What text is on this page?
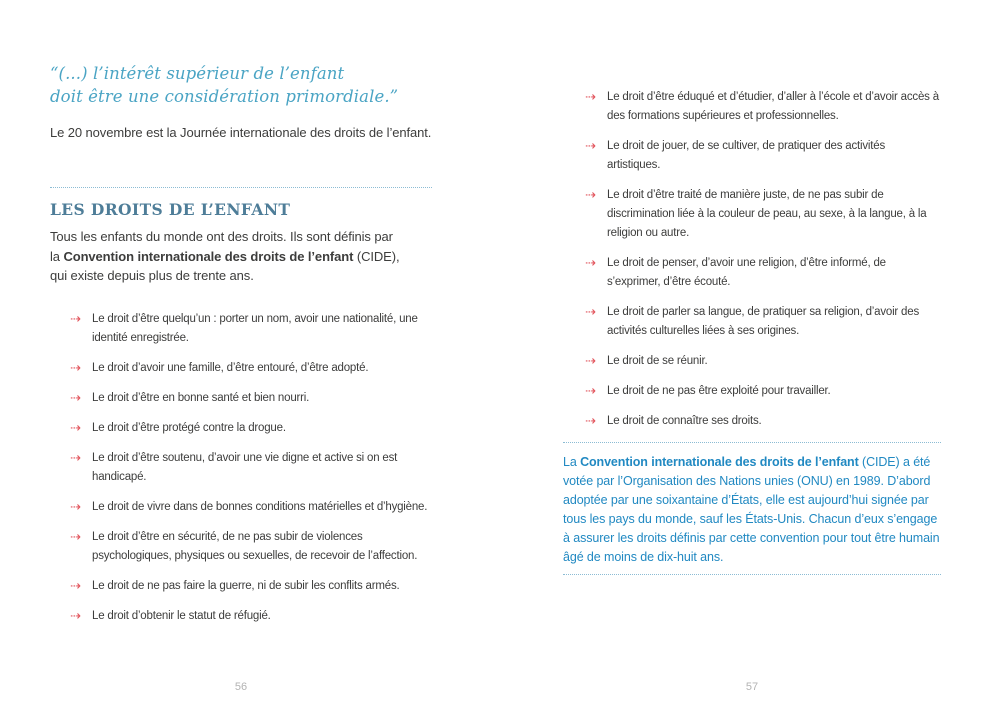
“(...) l’intérêt supérieur de l’enfant
doit être une considération primordiale.”

Le 20 novembre est la Journée internationale des droits de l’enfant.

LES DROITS DE L’ENFANT

Tous les enfants du monde ont des droits. Ils sont définis par
la Convention internationale des droits de l’enfant (CIDE),
qui existe depuis plus de trente ans.

⇢ Le droit d’être quelqu’un : porter un nom, avoir une nationalité, une identité enregistrée.
⇢ Le droit d’avoir une famille, d’être entouré, d’être adopté.
⇢ Le droit d’être en bonne santé et bien nourri.
⇢ Le droit d’être protégé contre la drogue.
⇢ Le droit d’être soutenu, d’avoir une vie digne et active si on est handicapé.
⇢ Le droit de vivre dans de bonnes conditions matérielles et d’hygiène.
⇢ Le droit d’être en sécurité, de ne pas subir de violences psychologiques, physiques ou sexuelles, de recevoir de l’affection.
⇢ Le droit de ne pas faire la guerre, ni de subir les conflits armés.
⇢ Le droit d’obtenir le statut de réfugié.
56
⇢ Le droit d’être éduqué et d’étudier, d’aller à l’école et d’avoir accès à des formations supérieures et professionnelles.
⇢ Le droit de jouer, de se cultiver, de pratiquer des activités artistiques.
⇢ Le droit d’être traité de manière juste, de ne pas subir de discrimination liée à la couleur de peau, au sexe, à la langue, à la religion ou autre.
⇢ Le droit de penser, d’avoir une religion, d’être informé, de s’exprimer, d’être écouté.
⇢ Le droit de parler sa langue, de pratiquer sa religion, d’avoir des activités culturelles liées à ses origines.
⇢ Le droit de se réunir.
⇢ Le droit de ne pas être exploité pour travailler.
⇢ Le droit de connaître ses droits.

La Convention internationale des droits de l’enfant (CIDE) a été votée par l’Organisation des Nations unies (ONU) en 1989. D’abord adoptée par une soixantaine d’États, elle est aujourd’hui signée par tous les pays du monde, sauf les États-Unis. Chacun d’eux s’engage à assurer les droits définis par cette convention pour tout être humain âgé de moins de dix-huit ans.

57
